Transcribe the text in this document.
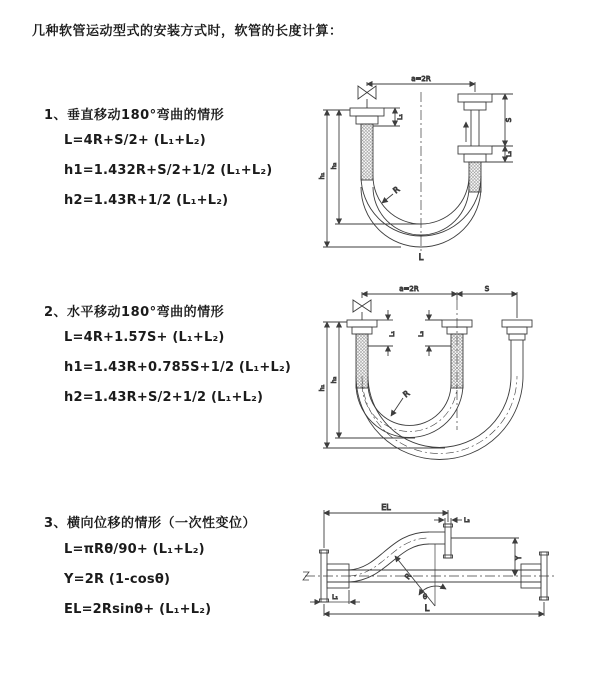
几种软管运动型式的安装方式时，软管的长度计算：
1、垂直移动180°弯曲的情形
L=4R+S/2+ (L₁+L₂)
h1=1.432R+S/2+1/2 (L₁+L₂)
h2=1.43R+1/2 (L₁+L₂)
2、水平移动180°弯曲的情形
L=4R+1.57S+ (L₁+L₂)
h1=1.43R+0.785S+1/2 (L₁+L₂)
h2=1.43R+S/2+1/2 (L₁+L₂)
3、横向位移的情形（一次性变位）
L=πRθ/90+ (L₁+L₂)
Y=2R (1-cosθ)
EL=2Rsinθ+ (L₁+L₂)
a=2R
L₁
S
L₂
h₂
h₁
R
L
a=2R	S
L₁	L₂
h₂
h₁
R
EL
L₂
Y
θ
R
L₁
L
